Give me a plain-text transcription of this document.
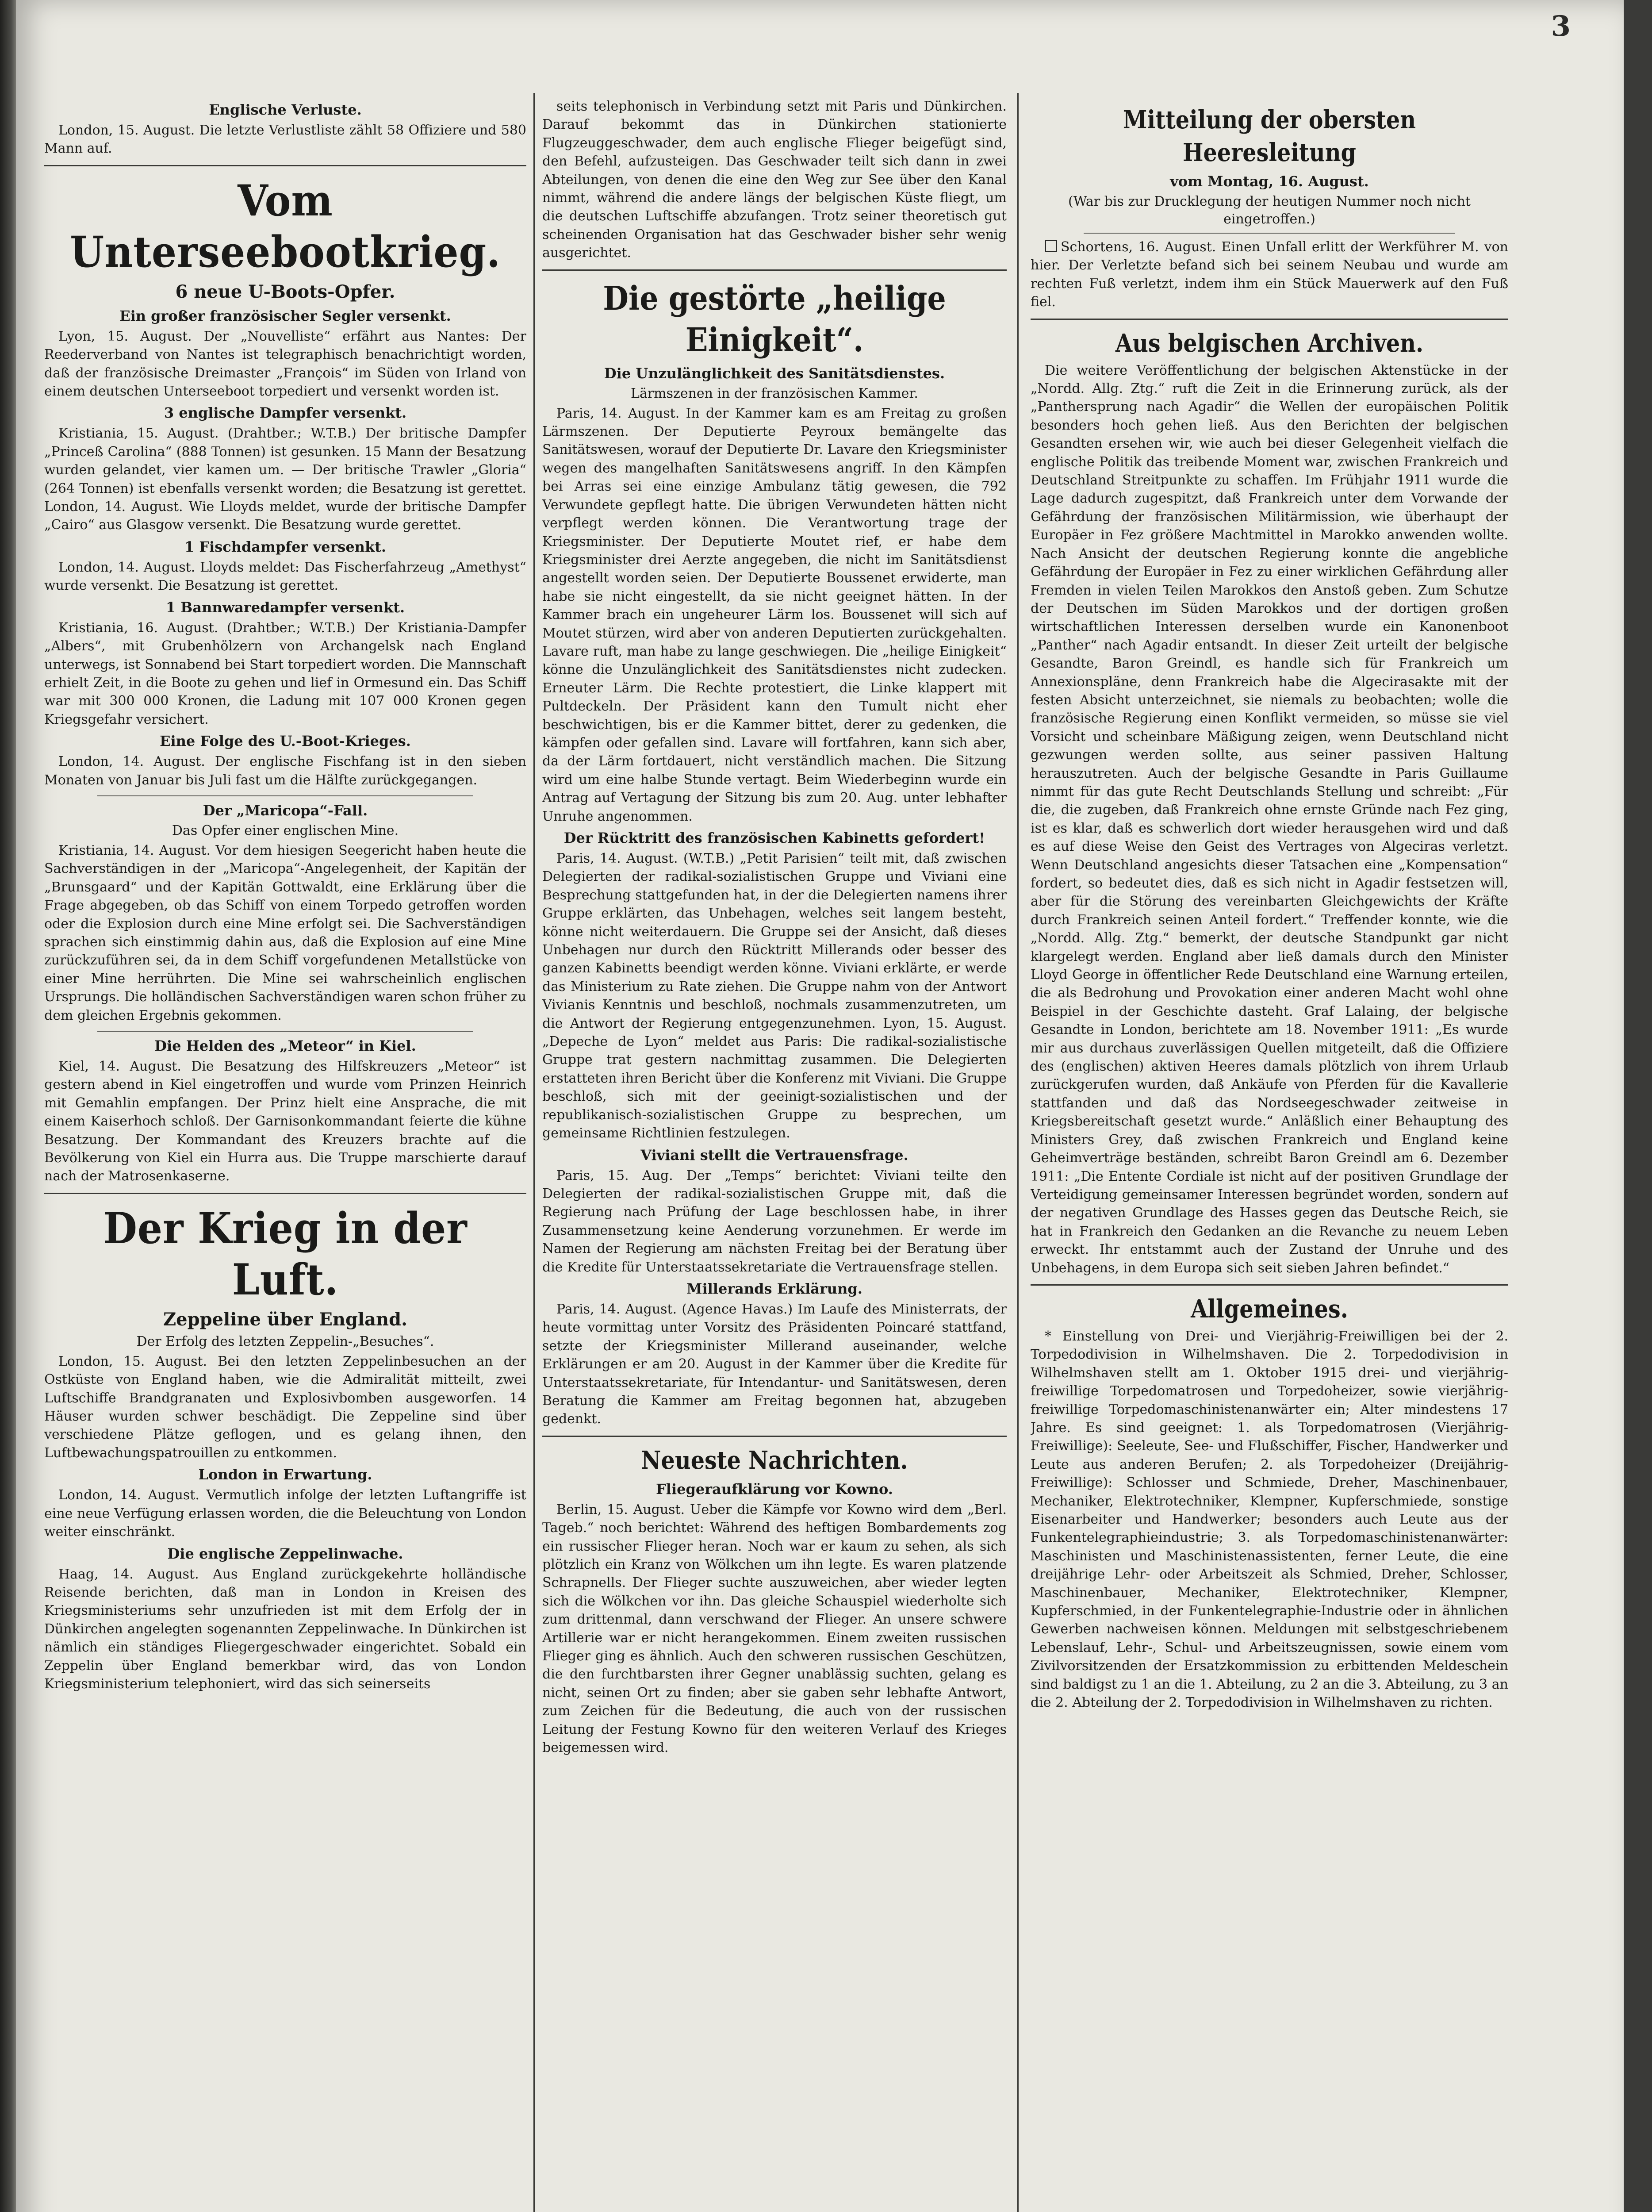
Englische Verluste.

London, 15. August. Die letzte Verlustliste zählt 58 Offiziere und 580 Mann auf.

Vom Unterseebootkrieg.
6 neue U-Boots-Opfer.
Ein großer französischer Segler versenkt.

Lyon, 15. August. Der „Nouvelliste“ erfährt aus Nantes: Der Reederverband von Nantes ist telegraphisch benachrichtigt worden, daß der französische Dreimaster „François“ im Süden von Irland von einem deutschen Unterseeboot torpediert und versenkt worden ist.

3 englische Dampfer versenkt.

Kristiania, 15. August. (Drahtber.; W.T.B.) Der britische Dampfer „Princeß Carolina“ (888 Tonnen) ist gesunken. 15 Mann der Besatzung wurden gelandet, vier kamen um. — Der britische Trawler „Gloria“ (264 Tonnen) ist ebenfalls versenkt worden; die Besatzung ist gerettet. London, 14. August. Wie Lloyds meldet, wurde der britische Dampfer „Cairo“ aus Glasgow versenkt. Die Besatzung wurde gerettet.

1 Fischdampfer versenkt.

London, 14. August. Lloyds meldet: Das Fischerfahrzeug „Amethyst“ wurde versenkt. Die Besatzung ist gerettet.

1 Bannwaredampfer versenkt.

Kristiania, 16. August. (Drahtber.; W.T.B.) Der Kristiania-Dampfer „Albers“, mit Grubenhölzern von Archangelsk nach England unterwegs, ist Sonnabend bei Start torpediert worden. Die Mannschaft erhielt Zeit, in die Boote zu gehen und lief in Ormesund ein. Das Schiff war mit 300 000 Kronen, die Ladung mit 107 000 Kronen gegen Kriegsgefahr versichert.

Eine Folge des U.-Boot-Krieges.

London, 14. August. Der englische Fischfang ist in den sieben Monaten von Januar bis Juli fast um die Hälfte zurückgegangen.

Der „Maricopa“-Fall.
Das Opfer einer englischen Mine.

Kristiania, 14. August. Vor dem hiesigen Seegericht haben heute die Sachverständigen in der „Maricopa“-Angelegenheit, der Kapitän der „Brunsgaard“ und der Kapitän Gottwaldt, eine Erklärung über die Frage abgegeben, ob das Schiff von einem Torpedo getroffen worden oder die Explosion durch eine Mine erfolgt sei. Die Sachverständigen sprachen sich einstimmig dahin aus, daß die Explosion auf eine Mine zurückzuführen sei, da in dem Schiff vorgefundenen Metallstücke von einer Mine herrührten. Die Mine sei wahrscheinlich englischen Ursprungs. Die holländischen Sachverständigen waren schon früher zu dem gleichen Ergebnis gekommen.

Die Helden des „Meteor“ in Kiel.

Kiel, 14. August. Die Besatzung des Hilfskreuzers „Meteor“ ist gestern abend in Kiel eingetroffen und wurde vom Prinzen Heinrich mit Gemahlin empfangen. Der Prinz hielt eine Ansprache, die mit einem Kaiserhoch schloß. Der Garnisonkommandant feierte die kühne Besatzung. Der Kommandant des Kreuzers brachte auf die Bevölkerung von Kiel ein Hurra aus. Die Truppe marschierte darauf nach der Matrosenkaserne.

Der Krieg in der Luft.
Zeppeline über England.
Der Erfolg des letzten Zeppelin-„Besuches“.

London, 15. August. Bei den letzten Zeppelinbesuchen an der Ostküste von England haben, wie die Admiralität mitteilt, zwei Luftschiffe Brandgranaten und Explosivbomben ausgeworfen. 14 Häuser wurden schwer beschädigt. Die Zeppeline sind über verschiedene Plätze geflogen, und es gelang ihnen, den Luftbewachungspatrouillen zu entkommen.

London in Erwartung.

London, 14. August. Vermutlich infolge der letzten Luftangriffe ist eine neue Verfügung erlassen worden, die die Beleuchtung von London weiter einschränkt.

Die englische Zeppelinwache.

Haag, 14. August. Aus England zurückgekehrte holländische Reisende berichten, daß man in London in Kreisen des Kriegsministeriums sehr unzufrieden ist mit dem Erfolg der in Dünkirchen angelegten sogenannten Zeppelinwache. In Dünkirchen ist nämlich ein ständiges Fliegergeschwader eingerichtet. Sobald ein Zeppelin über England bemerkbar wird, das von London Kriegsministerium telephoniert, wird das sich seinerseits

seits telephonisch in Verbindung setzt mit Paris und Dünkirchen. Darauf bekommt das in Dünkirchen stationierte Flugzeuggeschwader, dem auch englische Flieger beigefügt sind, den Befehl, aufzusteigen. Das Geschwader teilt sich dann in zwei Abteilungen, von denen die eine den Weg zur See über den Kanal nimmt, während die andere längs der belgischen Küste fliegt, um die deutschen Luftschiffe abzufangen. Trotz seiner theoretisch gut scheinenden Organisation hat das Geschwader bisher sehr wenig ausgerichtet.

Die gestörte „heilige Einigkeit“.
Die Unzulänglichkeit des Sanitätsdienstes.
Lärmszenen in der französischen Kammer.

Paris, 14. August. In der Kammer kam es am Freitag zu großen Lärmszenen. Der Deputierte Peyroux bemängelte das Sanitätswesen, worauf der Deputierte Dr. Lavare den Kriegsminister wegen des mangelhaften Sanitätswesens angriff. In den Kämpfen bei Arras sei eine einzige Ambulanz tätig gewesen, die 792 Verwundete gepflegt hatte. Die übrigen Verwundeten hätten nicht verpflegt werden können. Die Verantwortung trage der Kriegsminister. Der Deputierte Moutet rief, er habe dem Kriegsminister drei Aerzte angegeben, die nicht im Sanitätsdienst angestellt worden seien. Der Deputierte Boussenet erwiderte, man habe sie nicht eingestellt, da sie nicht geeignet hätten. In der Kammer brach ein ungeheurer Lärm los. Boussenet will sich auf Moutet stürzen, wird aber von anderen Deputierten zurückgehalten. Lavare ruft, man habe zu lange geschwiegen. Die „heilige Einigkeit“ könne die Unzulänglichkeit des Sanitätsdienstes nicht zudecken. Erneuter Lärm. Die Rechte protestiert, die Linke klappert mit Pultdeckeln. Der Präsident kann den Tumult nicht eher beschwichtigen, bis er die Kammer bittet, derer zu gedenken, die kämpfen oder gefallen sind. Lavare will fortfahren, kann sich aber, da der Lärm fortdauert, nicht verständlich machen. Die Sitzung wird um eine halbe Stunde vertagt. Beim Wiederbeginn wurde ein Antrag auf Vertagung der Sitzung bis zum 20. Aug. unter lebhafter Unruhe angenommen.

Der Rücktritt des französischen Kabinetts gefordert!

Paris, 14. August. (W.T.B.) „Petit Parisien“ teilt mit, daß zwischen Delegierten der radikal-sozialistischen Gruppe und Viviani eine Besprechung stattgefunden hat, in der die Delegierten namens ihrer Gruppe erklärten, das Unbehagen, welches seit langem besteht, könne nicht weiterdauern. Die Gruppe sei der Ansicht, daß dieses Unbehagen nur durch den Rücktritt Millerands oder besser des ganzen Kabinetts beendigt werden könne. Viviani erklärte, er werde das Ministerium zu Rate ziehen. Die Gruppe nahm von der Antwort Vivianis Kenntnis und beschloß, nochmals zusammenzutreten, um die Antwort der Regierung entgegenzunehmen. Lyon, 15. August. „Depeche de Lyon“ meldet aus Paris: Die radikal-sozialistische Gruppe trat gestern nachmittag zusammen. Die Delegierten erstatteten ihren Bericht über die Konferenz mit Viviani. Die Gruppe beschloß, sich mit der geeinigt-sozialistischen und der republikanisch-sozialistischen Gruppe zu besprechen, um gemeinsame Richtlinien festzulegen.

Viviani stellt die Vertrauensfrage.

Paris, 15. Aug. Der „Temps“ berichtet: Viviani teilte den Delegierten der radikal-sozialistischen Gruppe mit, daß die Regierung nach Prüfung der Lage beschlossen habe, in ihrer Zusammensetzung keine Aenderung vorzunehmen. Er werde im Namen der Regierung am nächsten Freitag bei der Beratung über die Kredite für Unterstaatssekretariate die Vertrauensfrage stellen.

Millerands Erklärung.

Paris, 14. August. (Agence Havas.) Im Laufe des Ministerrats, der heute vormittag unter Vorsitz des Präsidenten Poincaré stattfand, setzte der Kriegsminister Millerand auseinander, welche Erklärungen er am 20. August in der Kammer über die Kredite für Unterstaatssekretariate, für Intendantur- und Sanitätswesen, deren Beratung die Kammer am Freitag begonnen hat, abzugeben gedenkt.

Neueste Nachrichten.
Fliegeraufklärung vor Kowno.

Berlin, 15. August. Ueber die Kämpfe vor Kowno wird dem „Berl. Tageb.“ noch berichtet: Während des heftigen Bombardements zog ein russischer Flieger heran. Noch war er kaum zu sehen, als sich plötzlich ein Kranz von Wölkchen um ihn legte. Es waren platzende Schrapnells. Der Flieger suchte auszuweichen, aber wieder legten sich die Wölkchen vor ihn. Das gleiche Schauspiel wiederholte sich zum drittenmal, dann verschwand der Flieger. An unsere schwere Artillerie war er nicht herangekommen. Einem zweiten russischen Flieger ging es ähnlich. Auch den schweren russischen Geschützen, die den furchtbarsten ihrer Gegner unablässig suchten, gelang es nicht, seinen Ort zu finden; aber sie gaben sehr lebhafte Antwort, zum Zeichen für die Bedeutung, die auch von der russischen Leitung der Festung Kowno für den weiteren Verlauf des Krieges beigemessen wird.

Mitteilung der obersten Heeresleitung
vom Montag, 16. August.
(War bis zur Drucklegung der heutigen Nummer noch nicht eingetroffen.)

Schortens, 16. August. Einen Unfall erlitt der Werkführer M. von hier. Der Verletzte befand sich bei seinem Neubau und wurde am rechten Fuß verletzt, indem ihm ein Stück Mauerwerk auf den Fuß fiel.

Aus belgischen Archiven.

Die weitere Veröffentlichung der belgischen Aktenstücke in der „Nordd. Allg. Ztg.“ ruft die Zeit in die Erinnerung zurück, als der „Panthersprung nach Agadir“ die Wellen der europäischen Politik besonders hoch gehen ließ. Aus den Berichten der belgischen Gesandten ersehen wir, wie auch bei dieser Gelegenheit vielfach die englische Politik das treibende Moment war, zwischen Frankreich und Deutschland Streitpunkte zu schaffen. Im Frühjahr 1911 wurde die Lage dadurch zugespitzt, daß Frankreich unter dem Vorwande der Gefährdung der französischen Militärmission, wie überhaupt der Europäer in Fez größere Machtmittel in Marokko anwenden wollte. Nach Ansicht der deutschen Regierung konnte die angebliche Gefährdung der Europäer in Fez zu einer wirklichen Gefährdung aller Fremden in vielen Teilen Marokkos den Anstoß geben. Zum Schutze der Deutschen im Süden Marokkos und der dortigen großen wirtschaftlichen Interessen derselben wurde ein Kanonenboot „Panther“ nach Agadir entsandt. In dieser Zeit urteilt der belgische Gesandte, Baron Greindl, es handle sich für Frankreich um Annexionspläne, denn Frankreich habe die Algecirasakte mit der festen Absicht unterzeichnet, sie niemals zu beobachten; wolle die französische Regierung einen Konflikt vermeiden, so müsse sie viel Vorsicht und scheinbare Mäßigung zeigen, wenn Deutschland nicht gezwungen werden sollte, aus seiner passiven Haltung herauszutreten. Auch der belgische Gesandte in Paris Guillaume nimmt für das gute Recht Deutschlands Stellung und schreibt: „Für die, die zugeben, daß Frankreich ohne ernste Gründe nach Fez ging, ist es klar, daß es schwerlich dort wieder herausgehen wird und daß es auf diese Weise den Geist des Vertrages von Algeciras verletzt. Wenn Deutschland angesichts dieser Tatsachen eine „Kompensation“ fordert, so bedeutet dies, daß es sich nicht in Agadir festsetzen will, aber für die Störung des vereinbarten Gleichgewichts der Kräfte durch Frankreich seinen Anteil fordert.“ Treffender konnte, wie die „Nordd. Allg. Ztg.“ bemerkt, der deutsche Standpunkt gar nicht klargelegt werden. England aber ließ damals durch den Minister Lloyd George in öffentlicher Rede Deutschland eine Warnung erteilen, die als Bedrohung und Provokation einer anderen Macht wohl ohne Beispiel in der Geschichte dasteht. Graf Lalaing, der belgische Gesandte in London, berichtete am 18. November 1911: „Es wurde mir aus durchaus zuverlässigen Quellen mitgeteilt, daß die Offiziere des (englischen) aktiven Heeres damals plötzlich von ihrem Urlaub zurückgerufen wurden, daß Ankäufe von Pferden für die Kavallerie stattfanden und daß das Nordseegeschwader zeitweise in Kriegsbereitschaft gesetzt wurde.“ Anläßlich einer Behauptung des Ministers Grey, daß zwischen Frankreich und England keine Geheimverträge beständen, schreibt Baron Greindl am 6. Dezember 1911: „Die Entente Cordiale ist nicht auf der positiven Grundlage der Verteidigung gemeinsamer Interessen begründet worden, sondern auf der negativen Grundlage des Hasses gegen das Deutsche Reich, sie hat in Frankreich den Gedanken an die Revanche zu neuem Leben erweckt. Ihr entstammt auch der Zustand der Unruhe und des Unbehagens, in dem Europa sich seit sieben Jahren befindet.“

Allgemeines.

* Einstellung von Drei- und Vierjährig-Freiwilligen bei der 2. Torpedodivision in Wilhelmshaven. Die 2. Torpedodivision in Wilhelmshaven stellt am 1. Oktober 1915 drei- und vierjährig-freiwillige Torpedomatrosen und Torpedoheizer, sowie vierjährig-freiwillige Torpedomaschinistenanwärter ein; Alter mindestens 17 Jahre. Es sind geeignet: 1. als Torpedomatrosen (Vierjährig-Freiwillige): Seeleute, See- und Flußschiffer, Fischer, Handwerker und Leute aus anderen Berufen; 2. als Torpedoheizer (Dreijährig-Freiwillige): Schlosser und Schmiede, Dreher, Maschinenbauer, Mechaniker, Elektrotechniker, Klempner, Kupferschmiede, sonstige Eisenarbeiter und Handwerker; besonders auch Leute aus der Funkentelegraphieindustrie; 3. als Torpedomaschinistenanwärter: Maschinisten und Maschinistenassistenten, ferner Leute, die eine dreijährige Lehr- oder Arbeitszeit als Schmied, Dreher, Schlosser, Maschinenbauer, Mechaniker, Elektrotechniker, Klempner, Kupferschmied, in der Funkentelegraphie-Industrie oder in ähnlichen Gewerben nachweisen können. Meldungen mit selbstgeschriebenem Lebenslauf, Lehr-, Schul- und Arbeitszeugnissen, sowie einem vom Zivilvorsitzenden der Ersatzkommission zu erbittenden Meldeschein sind baldigst zu 1 an die 1. Abteilung, zu 2 an die 3. Abteilung, zu 3 an die 2. Abteilung der 2. Torpedodivision in Wilhelmshaven zu richten.

3
